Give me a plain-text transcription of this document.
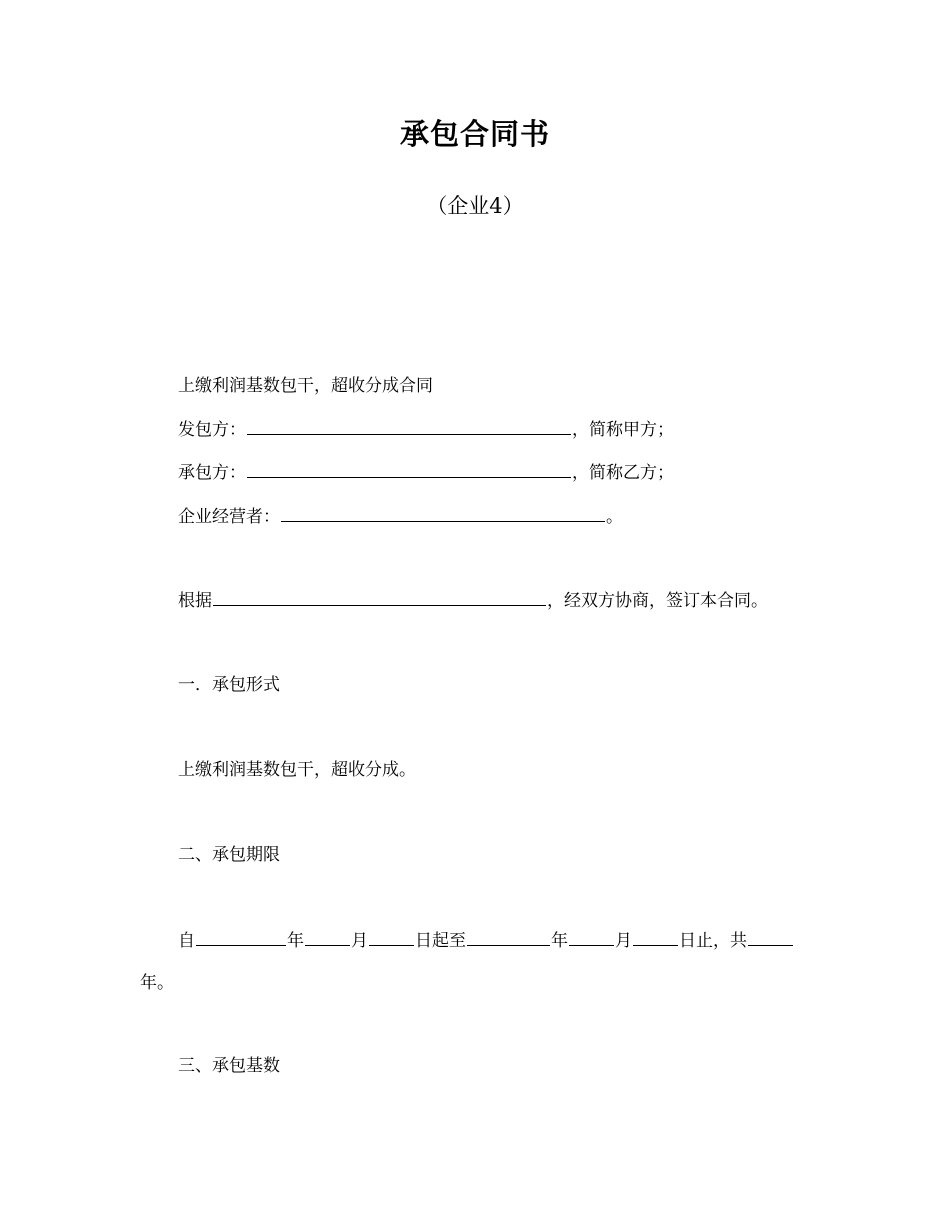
承包合同书
（企业4）
上缴利润基数包干，超收分成合同
发包方：	，简称甲方；
承包方：	，简称乙方；
企业经营者：	。
根据	，经双方协商，签订本合同。
一．承包形式
上缴利润基数包干，超收分成。
二、承包期限
自	年	月	日起至	年	月	日止，共
年。
三、承包基数
